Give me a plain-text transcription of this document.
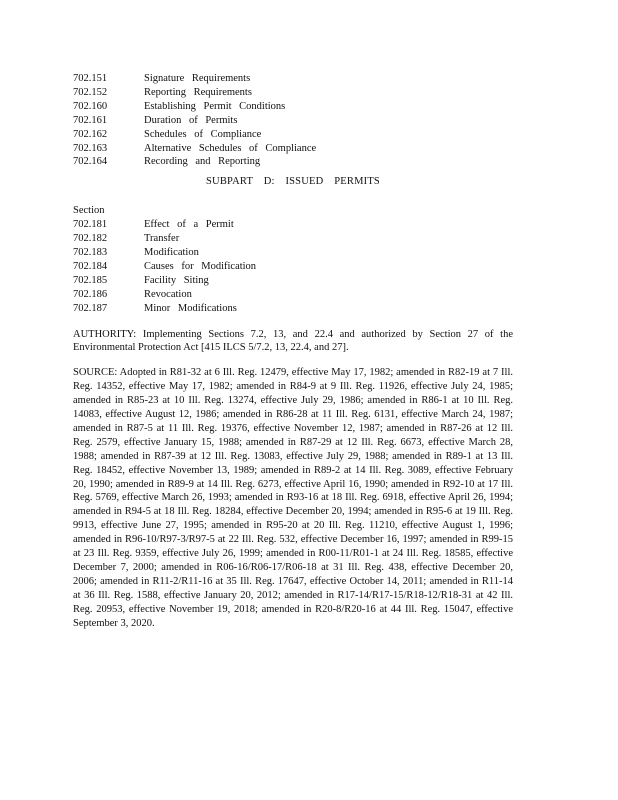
702.151	Signature Requirements
702.152	Reporting Requirements
702.160	Establishing Permit Conditions
702.161	Duration of Permits
702.162	Schedules of Compliance
702.163	Alternative Schedules of Compliance
702.164	Recording and Reporting
SUBPART D: ISSUED PERMITS
Section
702.181	Effect of a Permit
702.182	Transfer
702.183	Modification
702.184	Causes for Modification
702.185	Facility Siting
702.186	Revocation
702.187	Minor Modifications

AUTHORITY: Implementing Sections 7.2, 13, and 22.4 and authorized by Section 27 of the Environmental Protection Act [415 ILCS 5/7.2, 13, 22.4, and 27].

SOURCE: Adopted in R81-32 at 6 Ill. Reg. 12479, effective May 17, 1982; amended in R82-19 at 7 Ill. Reg. 14352, effective May 17, 1982; amended in R84-9 at 9 Ill. Reg. 11926, effective July 24, 1985; amended in R85-23 at 10 Ill. Reg. 13274, effective July 29, 1986; amended in R86-1 at 10 Ill. Reg. 14083, effective August 12, 1986; amended in R86-28 at 11 Ill. Reg. 6131, effective March 24, 1987; amended in R87-5 at 11 Ill. Reg. 19376, effective November 12, 1987; amended in R87-26 at 12 Ill. Reg. 2579, effective January 15, 1988; amended in R87-29 at 12 Ill. Reg. 6673, effective March 28, 1988; amended in R87-39 at 12 Ill. Reg. 13083, effective July 29, 1988; amended in R89-1 at 13 Ill. Reg. 18452, effective November 13, 1989; amended in R89-2 at 14 Ill. Reg. 3089, effective February 20, 1990; amended in R89-9 at 14 Ill. Reg. 6273, effective April 16, 1990; amended in R92-10 at 17 Ill. Reg. 5769, effective March 26, 1993; amended in R93-16 at 18 Ill. Reg. 6918, effective April 26, 1994; amended in R94-5 at 18 Ill. Reg. 18284, effective December 20, 1994; amended in R95-6 at 19 Ill. Reg. 9913, effective June 27, 1995; amended in R95-20 at 20 Ill. Reg. 11210, effective August 1, 1996; amended in R96-10/R97-3/R97-5 at 22 Ill. Reg. 532, effective December 16, 1997; amended in R99-15 at 23 Ill. Reg. 9359, effective July 26, 1999; amended in R00-11/R01-1 at 24 Ill. Reg. 18585, effective December 7, 2000; amended in R06-16/R06-17/R06-18 at 31 Ill. Reg. 438, effective December 20, 2006; amended in R11-2/R11-16 at 35 Ill. Reg. 17647, effective October 14, 2011; amended in R11-14 at 36 Ill. Reg. 1588, effective January 20, 2012; amended in R17-14/R17-15/R18-12/R18-31 at 42 Ill. Reg. 20953, effective November 19, 2018; amended in R20-8/R20-16 at 44 Ill. Reg. 15047, effective September 3, 2020.
